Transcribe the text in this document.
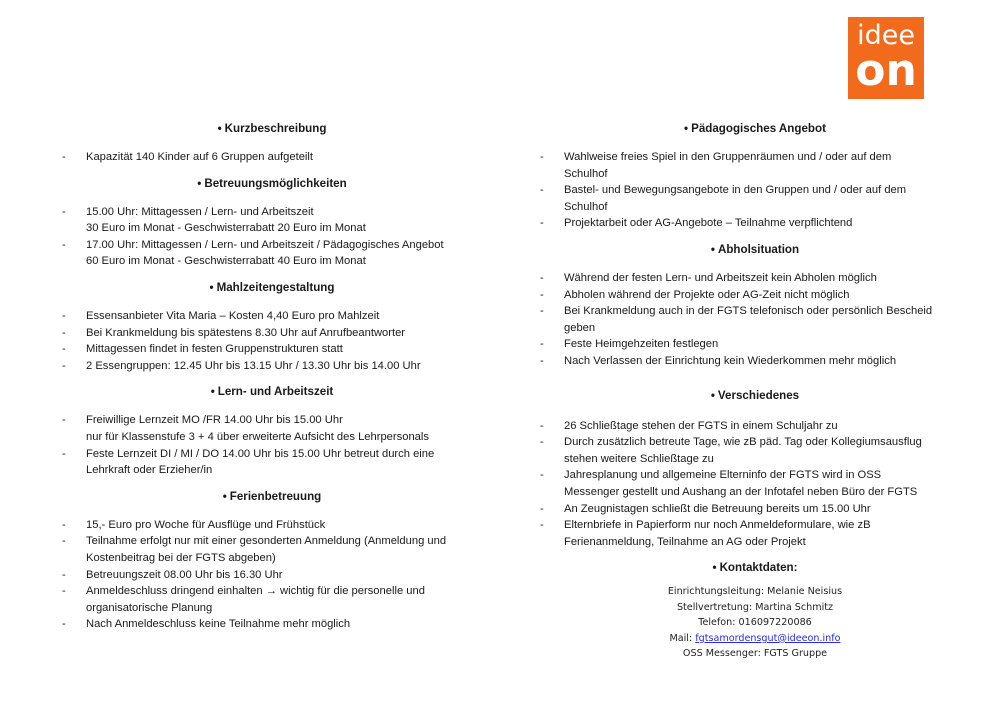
idee
on
• Kurzbeschreibung
- Kapazität 140 Kinder auf 6 Gruppen aufgeteilt
• Betreuungsmöglichkeiten
- 15.00 Uhr: Mittagessen / Lern- und Arbeitszeit
30 Euro im Monat - Geschwisterrabatt 20 Euro im Monat
- 17.00 Uhr: Mittagessen / Lern- und Arbeitszeit / Pädagogisches Angebot
60 Euro im Monat - Geschwisterrabatt 40 Euro im Monat
• Mahlzeitengestaltung
- Essensanbieter Vita Maria – Kosten 4,40 Euro pro Mahlzeit
- Bei Krankmeldung bis spätestens 8.30 Uhr auf Anrufbeantworter
- Mittagessen findet in festen Gruppenstrukturen statt
- 2 Essengruppen: 12.45 Uhr bis 13.15 Uhr / 13.30 Uhr bis 14.00 Uhr
• Lern- und Arbeitszeit
- Freiwillige Lernzeit MO /FR 14.00 Uhr bis 15.00 Uhr
nur für Klassenstufe 3 + 4 über erweiterte Aufsicht des Lehrpersonals
- Feste Lernzeit DI / MI / DO 14.00 Uhr bis 15.00 Uhr betreut durch eine
Lehrkraft oder Erzieher/in
• Ferienbetreuung
- 15,- Euro pro Woche für Ausflüge und Frühstück
- Teilnahme erfolgt nur mit einer gesonderten Anmeldung (Anmeldung und
Kostenbeitrag bei der FGTS abgeben)
- Betreuungszeit 08.00 Uhr bis 16.30 Uhr
- Anmeldeschluss dringend einhalten → wichtig für die personelle und
organisatorische Planung
- Nach Anmeldeschluss keine Teilnahme mehr möglich
• Pädagogisches Angebot
- Wahlweise freies Spiel in den Gruppenräumen und / oder auf dem
Schulhof
- Bastel- und Bewegungsangebote in den Gruppen und / oder auf dem
Schulhof
- Projektarbeit oder AG-Angebote – Teilnahme verpflichtend
• Abholsituation
- Während der festen Lern- und Arbeitszeit kein Abholen möglich
- Abholen während der Projekte oder AG-Zeit nicht möglich
- Bei Krankmeldung auch in der FGTS telefonisch oder persönlich Bescheid
geben
- Feste Heimgehzeiten festlegen
- Nach Verlassen der Einrichtung kein Wiederkommen mehr möglich
• Verschiedenes
- 26 Schließtage stehen der FGTS in einem Schuljahr zu
- Durch zusätzlich betreute Tage, wie zB päd. Tag oder Kollegiumsausflug
stehen weitere Schließtage zu
- Jahresplanung und allgemeine Elterninfo der FGTS wird in OSS
Messenger gestellt und Aushang an der Infotafel neben Büro der FGTS
- An Zeugnistagen schließt die Betreuung bereits um 15.00 Uhr
- Elternbriefe in Papierform nur noch Anmeldeformulare, wie zB
Ferienanmeldung, Teilnahme an AG oder Projekt
• Kontaktdaten:
Einrichtungsleitung: Melanie Neisius
Stellvertretung: Martina Schmitz
Telefon: 016097220086
Mail: fgtsamordensgut@ideeon.info
OSS Messenger: FGTS Gruppe
